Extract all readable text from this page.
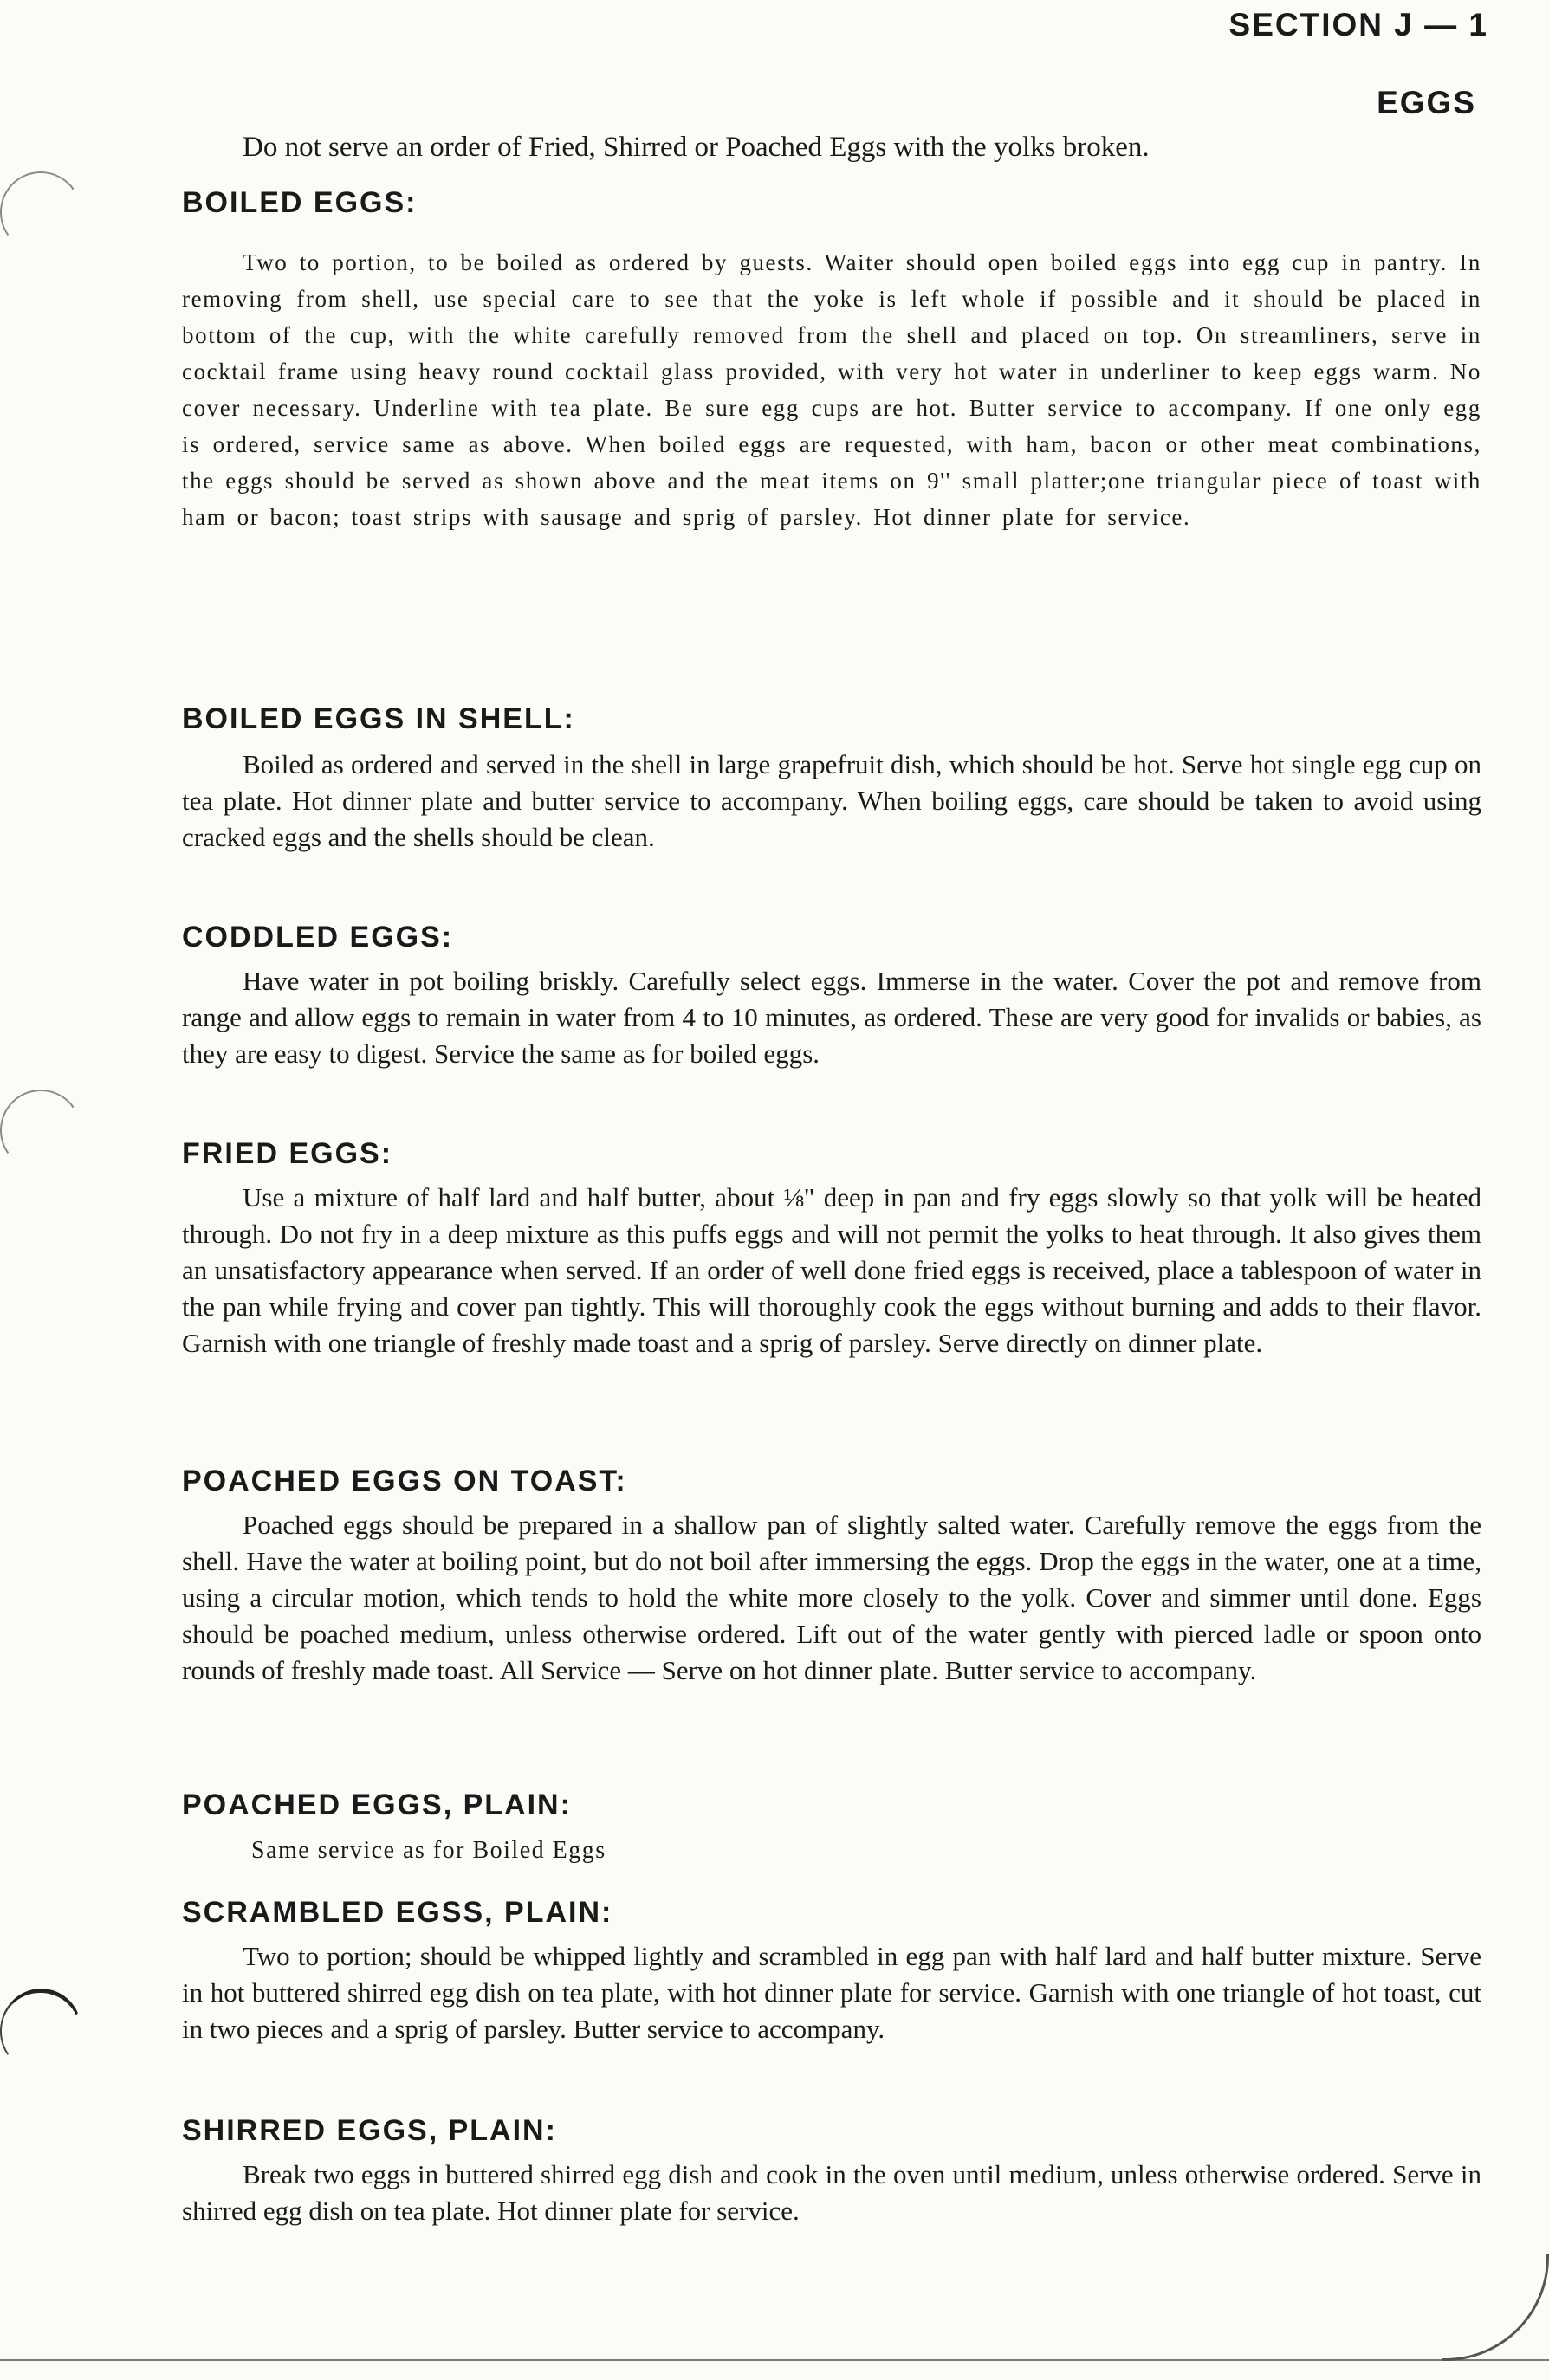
SECTION J — 1
EGGS
Do not serve an order of Fried, Shirred or Poached Eggs with the yolks broken.
BOILED EGGS:

Two to portion, to be boiled as ordered by guests. Waiter should open boiled eggs into egg cup in pantry. In removing from shell, use special care to see that the yoke is left whole if possible and it should be placed in bottom of the cup, with the white carefully removed from the shell and placed on top. On streamliners, serve in cocktail frame using heavy round cocktail glass provided, with very hot water in underliner to keep eggs warm. No cover necessary. Underline with tea plate. Be sure egg cups are hot. Butter service to accompany. If one only egg is ordered, service same as above. When boiled eggs are requested, with ham, bacon or other meat combinations, the eggs should be served as shown above and the meat items on 9'' small platter;one triangular piece of toast with ham or bacon; toast strips with sausage and sprig of parsley. Hot dinner plate for service.

BOILED EGGS IN SHELL:

Boiled as ordered and served in the shell in large grapefruit dish, which should be hot. Serve hot single egg cup on tea plate. Hot dinner plate and butter service to accompany. When boiling eggs, care should be taken to avoid using cracked eggs and the shells should be clean.

CODDLED EGGS:

Have water in pot boiling briskly. Carefully select eggs. Immerse in the water. Cover the pot and remove from range and allow eggs to remain in water from 4 to 10 minutes, as ordered. These are very good for invalids or babies, as they are easy to digest. Service the same as for boiled eggs.

FRIED EGGS:

Use a mixture of half lard and half butter, about ⅛" deep in pan and fry eggs slowly so that yolk will be heated through. Do not fry in a deep mixture as this puffs eggs and will not permit the yolks to heat through. It also gives them an unsatisfactory appearance when served. If an order of well done fried eggs is received, place a tablespoon of water in the pan while frying and cover pan tightly. This will thoroughly cook the eggs without burning and adds to their flavor. Garnish with one triangle of freshly made toast and a sprig of parsley. Serve directly on dinner plate.

POACHED EGGS ON TOAST:

Poached eggs should be prepared in a shallow pan of slightly salted water. Carefully remove the eggs from the shell. Have the water at boiling point, but do not boil after immersing the eggs. Drop the eggs in the water, one at a time, using a circular motion, which tends to hold the white more closely to the yolk. Cover and simmer until done. Eggs should be poached medium, unless otherwise ordered. Lift out of the water gently with pierced ladle or spoon onto rounds of freshly made toast. All Service — Serve on hot dinner plate. Butter service to accompany.

POACHED EGGS, PLAIN:

Same service as for Boiled Eggs

SCRAMBLED EGSS, PLAIN:

Two to portion; should be whipped lightly and scrambled in egg pan with half lard and half butter mixture. Serve in hot buttered shirred egg dish on tea plate, with hot dinner plate for service. Garnish with one triangle of hot toast, cut in two pieces and a sprig of parsley. Butter service to accompany.

SHIRRED EGGS, PLAIN:

Break two eggs in buttered shirred egg dish and cook in the oven until medium, unless otherwise ordered. Serve in shirred egg dish on tea plate. Hot dinner plate for service.
